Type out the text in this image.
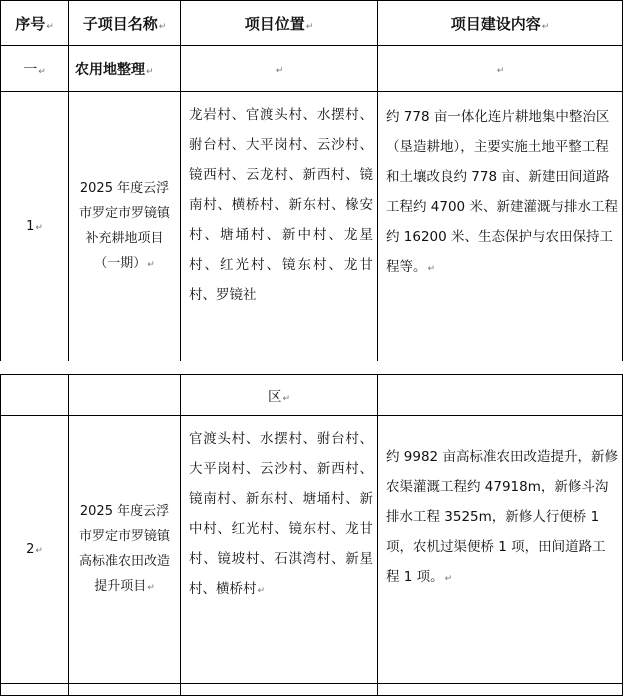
序号↵	子项目名称↵	项目位置↵	项目建设内容↵
一↵	农用地整理↵	↵	↵
1↵	2025 年度云浮市罗定市罗镜镇补充耕地项目（一期）↵	龙岩村、官渡头村、水摆村、驸台村、大平岗村、云沙村、镜西村、云龙村、新西村、镜南村、横桥村、新东村、椽安村、塘埇村、新中村、龙星村、红光村、镜东村、龙甘村、罗镜社	约 778 亩一体化连片耕地集中整治区（垦造耕地），主要实施土地平整工程和土壤改良约 778 亩、新建田间道路工程约 4700 米、新建灌溉与排水工程约 16200 米、生态保护与农田保持工程等。↵
		区↵	
2↵	2025 年度云浮市罗定市罗镜镇高标准农田改造提升项目↵	官渡头村、水摆村、驸台村、大平岗村、云沙村、新西村、镜南村、新东村、塘埇村、新中村、红光村、镜东村、龙甘村、镜坡村、石淇湾村、新星村、横桥村↵	约 9982 亩高标准农田改造提升，新修农渠灌溉工程约 47918m，新修斗沟排水工程 3525m，新修人行便桥 1 项，农机过渠便桥 1 项，田间道路工程 1 项。↵
